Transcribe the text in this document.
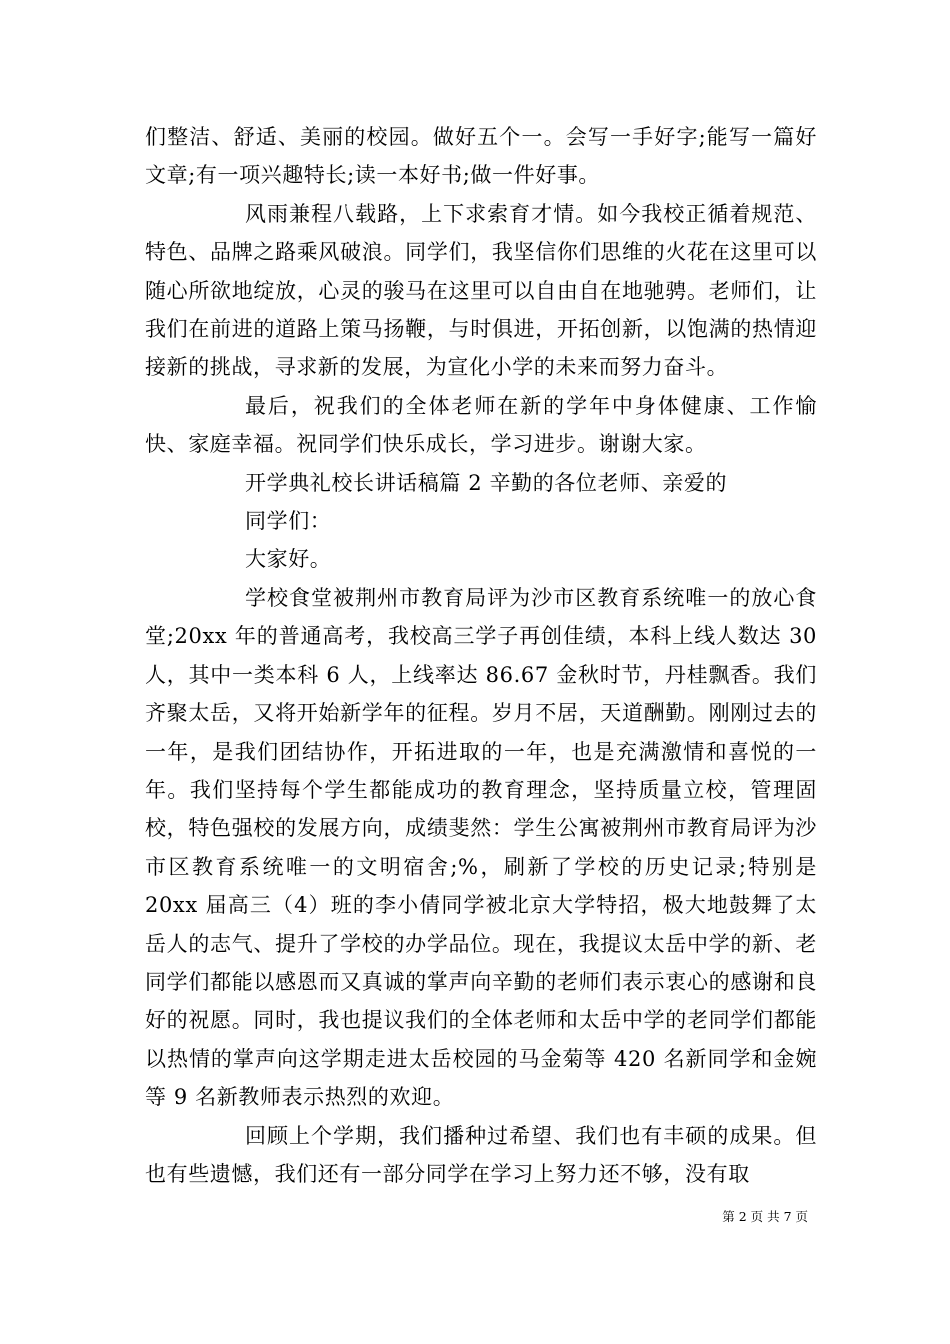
们整洁、舒适、美丽的校园。做好五个一。会写一手好字;能写一篇好文章;有一项兴趣特长;读一本好书;做一件好事。

风雨兼程八载路，上下求索育才情。如今我校正循着规范、特色、品牌之路乘风破浪。同学们，我坚信你们思维的火花在这里可以随心所欲地绽放，心灵的骏马在这里可以自由自在地驰骋。老师们，让我们在前进的道路上策马扬鞭，与时俱进，开拓创新，以饱满的热情迎接新的挑战，寻求新的发展，为宣化小学的未来而努力奋斗。

最后，祝我们的全体老师在新的学年中身体健康、工作愉快、家庭幸福。祝同学们快乐成长，学习进步。谢谢大家。

开学典礼校长讲话稿篇 2 辛勤的各位老师、亲爱的

同学们：

大家好。

学校食堂被荆州市教育局评为沙市区教育系统唯一的放心食堂;20xx 年的普通高考，我校高三学子再创佳绩，本科上线人数达 30 人，其中一类本科 6 人，上线率达 86.67 金秋时节，丹桂飘香。我们齐聚太岳，又将开始新学年的征程。岁月不居，天道酬勤。刚刚过去的一年，是我们团结协作，开拓进取的一年，也是充满激情和喜悦的一年。我们坚持每个学生都能成功的教育理念，坚持质量立校，管理固校，特色强校的发展方向，成绩斐然：学生公寓被荆州市教育局评为沙市区教育系统唯一的文明宿舍;%，刷新了学校的历史记录;特别是 20xx 届高三（4）班的李小倩同学被北京大学特招，极大地鼓舞了太岳人的志气、提升了学校的办学品位。现在，我提议太岳中学的新、老同学们都能以感恩而又真诚的掌声向辛勤的老师们表示衷心的感谢和良好的祝愿。同时，我也提议我们的全体老师和太岳中学的老同学们都能以热情的掌声向这学期走进太岳校园的马金菊等 420 名新同学和金婉等 9 名新教师表示热烈的欢迎。

回顾上个学期，我们播种过希望、我们也有丰硕的成果。但也有些遗憾，我们还有一部分同学在学习上努力还不够，没有取

第 2 页 共 7 页
